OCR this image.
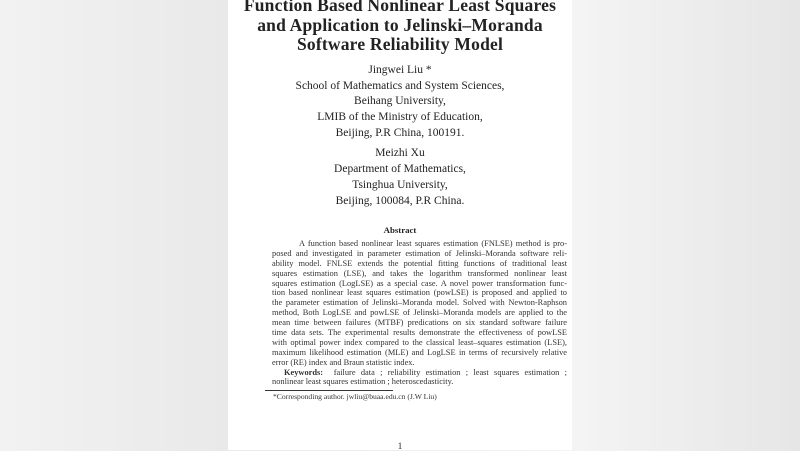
Function Based Nonlinear Least Squares
and Application to Jelinski–Moranda
Software Reliability Model
Jingwei Liu *
School of Mathematics and System Sciences,
Beihang University,
LMIB of the Ministry of Education,
Beijing, P.R China, 100191.
Meizhi Xu
Department of Mathematics,
Tsinghua University,
Beijing, 100084, P.R China.
Abstract
A function based nonlinear least squares estimation (FNLSE) method is pro-
posed and investigated in parameter estimation of Jelinski–Moranda software reli-
ability model. FNLSE extends the potential fitting functions of traditional least
squares estimation (LSE), and takes the logarithm transformed nonlinear least
squares estimation (LogLSE) as a special case. A novel power transformation func-
tion based nonlinear least squares estimation (powLSE) is proposed and applied to
the parameter estimation of Jelinski–Moranda model. Solved with Newton-Raphson
method, Both LogLSE and powLSE of Jelinski–Moranda models are applied to the
mean time between failures (MTBF) predications on six standard software failure
time data sets. The experimental results demonstrate the effectiveness of powLSE
with optimal power index compared to the classical least–squares estimation (LSE),
maximum likelihood estimation (MLE) and LogLSE in terms of recursively relative
error (RE) index and Braun statistic index.
Keywords: failure data ; reliability estimation ; least squares estimation ;
nonlinear least squares estimation ; heteroscedasticity.
*Corresponding author. jwliu@buaa.edu.cn (J.W Liu)
1
